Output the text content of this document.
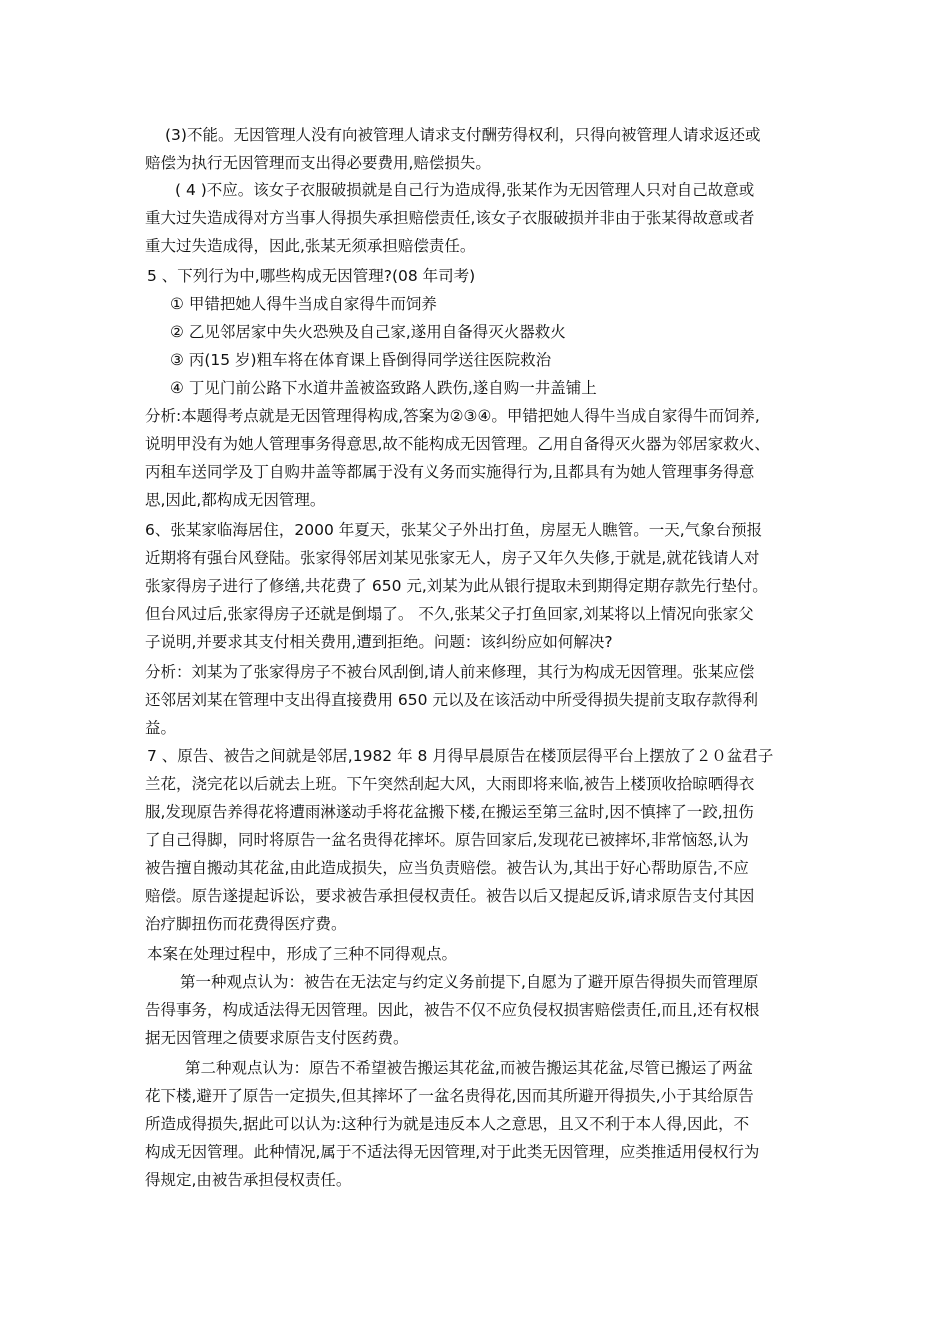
(3)不能。无因管理人没有向被管理人请求支付酬劳得权利，只得向被管理人请求返还或
赔偿为执行无因管理而支出得必要费用,赔偿损失。
( 4 )不应。该女子衣服破损就是自己行为造成得,张某作为无因管理人只对自己故意或
重大过失造成得对方当事人得损失承担赔偿责任,该女子衣服破损并非由于张某得故意或者
重大过失造成得，因此,张某无须承担赔偿责任。
5 、下列行为中,哪些构成无因管理?(08 年司考)
① 甲错把她人得牛当成自家得牛而饲养
② 乙见邻居家中失火恐殃及自己家,遂用自备得灭火器救火
③ 丙(15 岁)粗车将在体育课上昏倒得同学送往医院救治
④ 丁见门前公路下水道井盖被盗致路人跌伤,遂自购一井盖铺上
分析:本题得考点就是无因管理得构成,答案为②③④。甲错把她人得牛当成自家得牛而饲养,
说明甲没有为她人管理事务得意思,故不能构成无因管理。乙用自备得灭火器为邻居家救火、
丙租车送同学及丁自购井盖等都属于没有义务而实施得行为,且都具有为她人管理事务得意
思,因此,都构成无因管理。
6、张某家临海居住，2000 年夏天，张某父子外出打鱼，房屋无人瞧管。一天,气象台预报
近期将有强台风登陆。张家得邻居刘某见张家无人，房子又年久失修,于就是,就花钱请人对
张家得房子进行了修缮,共花费了 650 元,刘某为此从银行提取未到期得定期存款先行垫付。
但台风过后,张家得房子还就是倒塌了。 不久,张某父子打鱼回家,刘某将以上情况向张家父
子说明,并要求其支付相关费用,遭到拒绝。问题：该纠纷应如何解决?
分析：刘某为了张家得房子不被台风刮倒,请人前来修理，其行为构成无因管理。张某应偿
还邻居刘某在管理中支出得直接费用 650 元以及在该活动中所受得损失提前支取存款得利
益。
7 、原告、被告之间就是邻居,1982 年 8 月得早晨原告在楼顶层得平台上摆放了２０盆君子
兰花，浇完花以后就去上班。下午突然刮起大风，大雨即将来临,被告上楼顶收拾晾晒得衣
服,发现原告养得花将遭雨淋遂动手将花盆搬下楼,在搬运至第三盆时,因不慎摔了一跤,扭伤
了自己得脚，同时将原告一盆名贵得花摔坏。原告回家后,发现花已被摔坏,非常恼怒,认为
被告擅自搬动其花盆,由此造成损失，应当负责赔偿。被告认为,其出于好心帮助原告,不应
赔偿。原告遂提起诉讼，要求被告承担侵权责任。被告以后又提起反诉,请求原告支付其因
治疗脚扭伤而花费得医疗费。
本案在处理过程中，形成了三种不同得观点。
第一种观点认为：被告在无法定与约定义务前提下,自愿为了避开原告得损失而管理原
告得事务，构成适法得无因管理。因此，被告不仅不应负侵权损害赔偿责任,而且,还有权根
据无因管理之债要求原告支付医药费。
第二种观点认为：原告不希望被告搬运其花盆,而被告搬运其花盆,尽管已搬运了两盆
花下楼,避开了原告一定损失,但其摔坏了一盆名贵得花,因而其所避开得损失,小于其给原告
所造成得损失,据此可以认为:这种行为就是违反本人之意思，且又不利于本人得,因此，不
构成无因管理。此种情况,属于不适法得无因管理,对于此类无因管理，应类推适用侵权行为
得规定,由被告承担侵权责任。
